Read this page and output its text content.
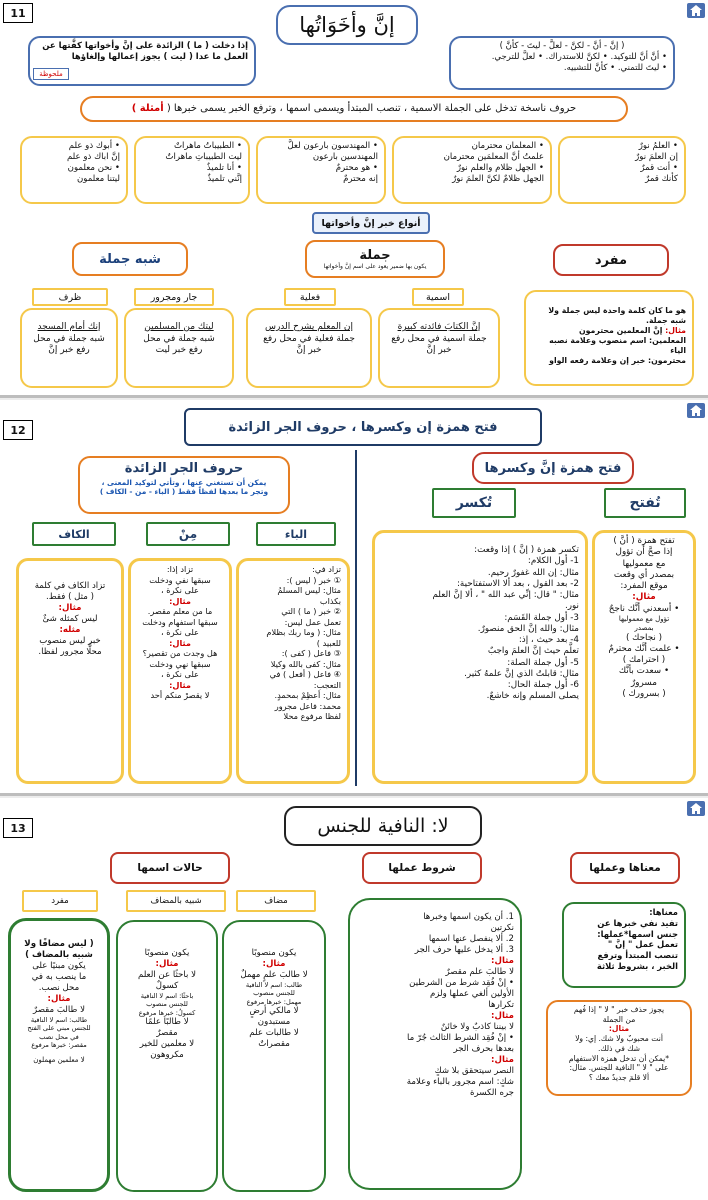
11	إنَّ وأخَوَاتُها
( إنَّ - أنَّ - لكنَّ - لعلَّ - ليتَ - كأنَّ )
• أنَّ أنَّ للتوكيد. • لكنَّ للاستدراك. • لعلَّ للترجي.
• ليتَ للتمني. • كأنَّ للتشبيه.
إذا دخلت ( ما ) الزائدة على إنَّ وأخواتها كفَّتها عن
العمل ما عدا ( ليت ) يجوز إعمالها وإلغاؤها
ملحوظة
حروف ناسخة تدخل على الجملة الاسمية ، تنصب المبتدأ ويسمى اسمها ، وترفع الخبر يسمى خبرها ( أمثلة )
• العلمُ نورٌ
إن العلمَ نورٌ
• أنت قمرٌ
كأنك قمرٌ
• المعلمان محترمان
علمتُ أنَّ المعلمَين محترمان
• الجهل ظلام والعلم نورٌ
الجهل ظلامٌ لكنَّ العلمَ نورٌ
• المهندسون بارعون لعلَّ
المهندسين بارعون
• هو محترمٌ
إنه محترمٌ
• الطبيباتُ ماهراتٌ
ليت الطبيباتِ ماهراتٌ
• أنا تلميذٌ
إنَّني تلميذٌ
• أبوك ذو علم
إنَّ اباك ذو علم
• نحن معلمون
ليتنا معلمون
أنواع خبر إنَّ وأخواتها
مفرد
جملة
يكون بها ضمير يعود على اسم إنَّ وأخواتها
شبه جملة
اسمية
فعلية
جار ومجرور
ظرف
هو ما كان كلمة واحدة ليس جملة ولا
شبه جملة.
مثال: إنَّ المعلمين محترمون
المعلمين: اسم منصوب وعلامة نصبه الياء
محترمون: خبر إن وعلامة رفعه الواو
إنَّ الكتابَ فائدته كبيرة
جملة اسمية في محل رفع
خبر إنَّ
إن المعلم يشرح الدرس
جملة فعلية في محل رفع
خبر إنَّ
ليتك من المسلمين
شبه جملة في محل
رفع خبر ليت
إنك أمام المسجد
شبه جملة في محل
رفع خبر إنَّ
12	فتح همزة إن وكسرها ، حروف الجر الزائدة
فتح همزة إنَّ وكسرها
تُفتح
تُكسر
تفتح همزة ( أنَّ )
إذا صحَّ أن تؤول
مع معموليها
بمصدر أي وقعت
موقع المفرد:
مثال:
• أسعدني أنَّك ناجحٌ
تؤول مع معموليها
بمصدر
( نجاحك )
• علمت أنَّك محترمٌ
( احترامك )
• سعدت بأنَّك
مسرورٌ
( بسرورك )
تكسر همزة ( إنَّ ) إذا وقعت:
1- أول الكلام:
مثال: إن الله غفورٌ رحيم.
2- بعد القول ، بعد ألا الاستفتاحية:
مثال: " قال: إنِّي عبد الله " ، ألا إنَّ العلم
نور.
3- أول جملة القَسَم:
مثال: والله إنَّ الحق منصورٌ.
4- بعد حيث ، إذ:
تعلَّم حيث إنَّ العلمَ واجبٌ
5- أول جملة الصلة:
مثال: قابلتُ الذي إنَّ علمهُ كثير.
6- أول جملة الحال:
يصلى المسلم وإنه خاشعٌ.
حروف الجر الزائدة
يمكن أن تستغني عنها ، وتأتي لتوكيد المعنى ،
وتجر ما بعدها لفظاً فقط ( الباء - من - الكاف )
الباء
مِنْ
الكاف
تزاد في:
① خبر ( ليس ):
مثال: ليس المسلمُ
بكذاب
② خبر ( ما ) التي
تعمل عمل ليس:
مثال: ( وما ربك بظلام
للعبيد )
③ فاعل ( كفى ):
مثال: كفى بالله وكيلا
④ فاعل ( أفعل ) في
التعجب:
مثال: أعظِمْ بمحمدٍ.
محمد: فاعل مجرور
لفظا مرفوع محلا
تزاد إذا:
سبقها نفي ودخلت
على نكرة ،
مثال:
ما من معلم مقصر.
سبقها استفهام ودخلت
على نكرة ،
مثال:
هل وجدت من تقصير؟
سبقها نهي ودخلت
على نكرة ،
مثال:
لا يقصرْ منكم أحد
تزاد الكاف في كلمة
( مثل ) فقط.
مثال:
ليس كمثله شئٌ
مثله:
خبر ليس منصوب
محلًّا مجرور لفظا.
13	لا: النافية للجنس
معناها وعملها
شروط عملها
حالات اسمها
معناها:
تفيد نفي خبرها عن
جنس اسمها*عملها:
تعمل عمل " إنَّ "
تنصب المبتدأ وترفع
الخبر ، بشروط ثلاثة
يجوز حذف خبر " لا " إذا فُهم
من الجملة
مثال:
أنت محبوبٌ ولا شك. إي: ولا
شك في ذلك.
*يمكن أن تدخل همزة الاستفهام
على " لا " النافية للجنس. مثال:
ألا قلمَ جديدٌ معك ؟
1. أن يكون اسمها وخبرها
نكرتين
2. ألا ينفصل عنها اسمها
3. ألا يدخل عليها حرف الجر
مثال:
لا طالبَ علم مقصرٌ
• إنْ فُقِد شرط من الشرطين
الأولين ألغي عملها ولزم
تكرارها
مثال:
لا بيننا كاذبٌ ولا خائنٌ
• إنْ فُقِد الشرط الثالث جُرّ ما
بعدها بحرف الجر
مثال:
النصر سيتحقق بلا شكٍ
شكٍ: اسم مجرور بالباء وعلامة
جره الكسرة
مضاف
شبيه بالمضاف
مفرد
يكون منصوبًا
مثال:
لا طالبَ علمٍ مهملٌ
طالب: اسم لا النافية
للجنس منصوب
مهمل: خبرها مرفوع
لا مالكي أرضٍ
مستبدون
لا طالبات علم
مقصراتٌ
يكون منصوبًا
مثال:
لا باحثًا عن العلم
كسولٌ
باحثًا: اسم لا النافية
للجنس منصوب
كسولٌ: خبرها مرفوع
لا طالبًا علمًا
مقصرٌ
لا معلمين للخير
مكروهون
( ليس مضافًا ولا
شبيه بالمضاف )
يكون مبنيًا على
ما ينصب به في
محل نصب.
مثال:
لا طالبَ مقصرٌ
طالب: اسم لا النافية
للجنس مبني على الفتح
في محل نصب
مقصر: خبرها مرفوع
لا معلمين مهملون
